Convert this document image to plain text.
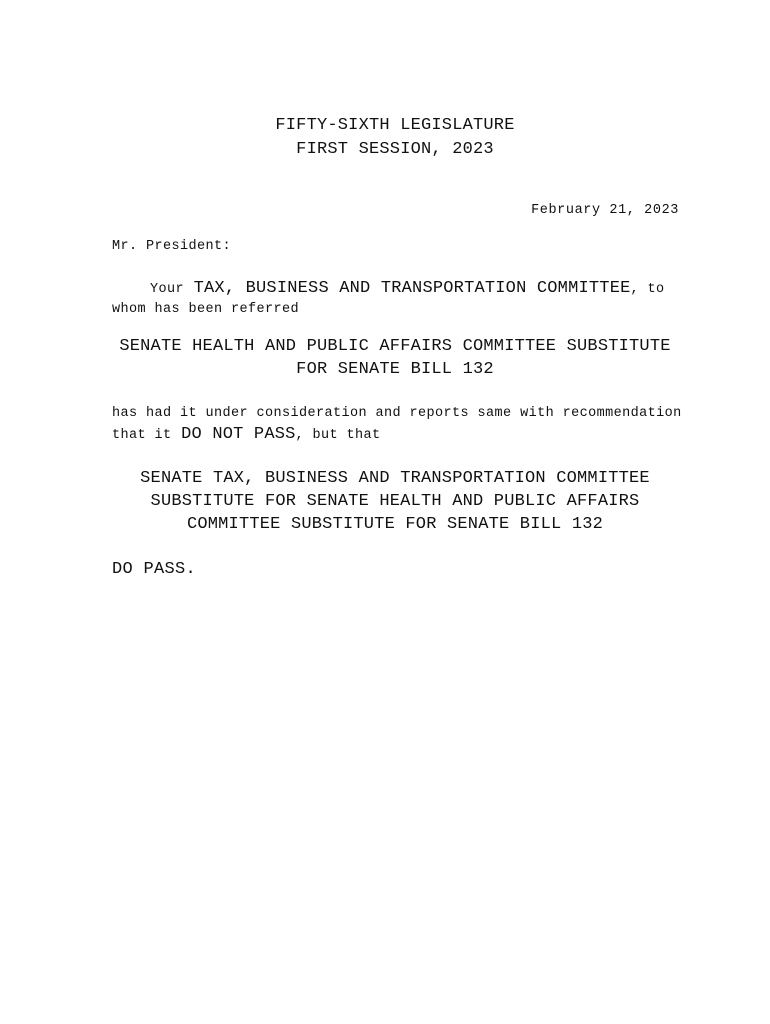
FIFTY-SIXTH LEGISLATURE
FIRST SESSION, 2023
February 21, 2023
Mr. President:
Your TAX, BUSINESS AND TRANSPORTATION COMMITTEE, to
whom has been referred
SENATE HEALTH AND PUBLIC AFFAIRS COMMITTEE SUBSTITUTE
FOR SENATE BILL 132
has had it under consideration and reports same with recommendation
that it DO NOT PASS, but that
SENATE TAX, BUSINESS AND TRANSPORTATION COMMITTEE
SUBSTITUTE FOR SENATE HEALTH AND PUBLIC AFFAIRS
COMMITTEE SUBSTITUTE FOR SENATE BILL 132
DO PASS.
